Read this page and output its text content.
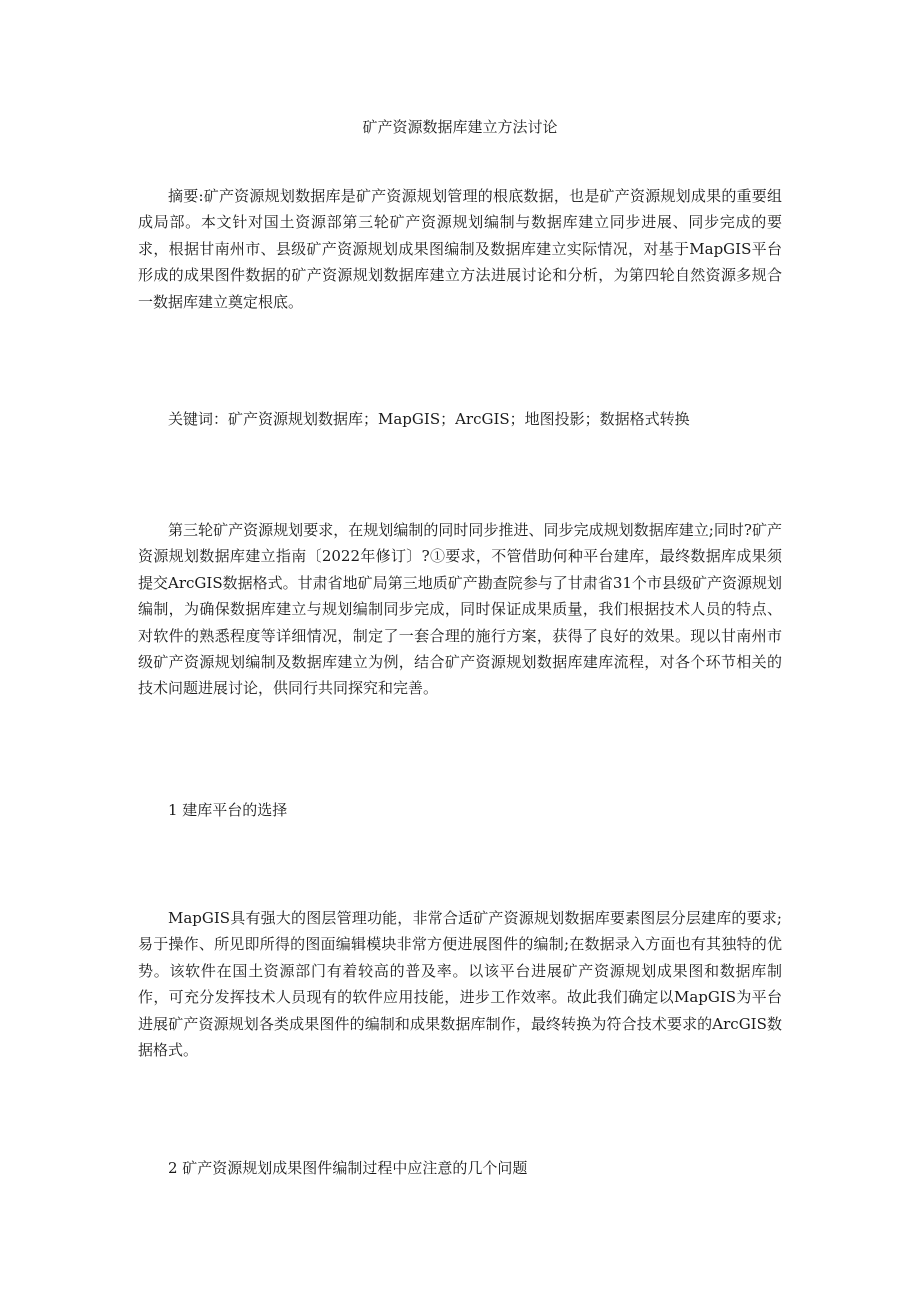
矿产资源数据库建立方法讨论

摘要:矿产资源规划数据库是矿产资源规划管理的根底数据，也是矿产资源规划成果的重要组成局部。本文针对国土资源部第三轮矿产资源规划编制与数据库建立同步进展、同步完成的要求，根据甘南州市、县级矿产资源规划成果图编制及数据库建立实际情况，对基于MapGIS平台形成的成果图件数据的矿产资源规划数据库建立方法进展讨论和分析，为第四轮自然资源多规合一数据库建立奠定根底。

关键词：矿产资源规划数据库；MapGIS；ArcGIS；地图投影；数据格式转换

第三轮矿产资源规划要求，在规划编制的同时同步推进、同步完成规划数据库建立;同时?矿产资源规划数据库建立指南〔2022年修订〕?①要求，不管借助何种平台建库，最终数据库成果须提交ArcGIS数据格式。甘肃省地矿局第三地质矿产勘查院参与了甘肃省31个市县级矿产资源规划编制，为确保数据库建立与规划编制同步完成，同时保证成果质量，我们根据技术人员的特点、对软件的熟悉程度等详细情况，制定了一套合理的施行方案，获得了良好的效果。现以甘南州市级矿产资源规划编制及数据库建立为例，结合矿产资源规划数据库建库流程，对各个环节相关的技术问题进展讨论，供同行共同探究和完善。

1 建库平台的选择

MapGIS具有强大的图层管理功能，非常合适矿产资源规划数据库要素图层分层建库的要求;易于操作、所见即所得的图面编辑模块非常方便进展图件的编制;在数据录入方面也有其独特的优势。该软件在国土资源部门有着较高的普及率。以该平台进展矿产资源规划成果图和数据库制作，可充分发挥技术人员现有的软件应用技能，进步工作效率。故此我们确定以MapGIS为平台进展矿产资源规划各类成果图件的编制和成果数据库制作，最终转换为符合技术要求的ArcGIS数据格式。

2 矿产资源规划成果图件编制过程中应注意的几个问题
